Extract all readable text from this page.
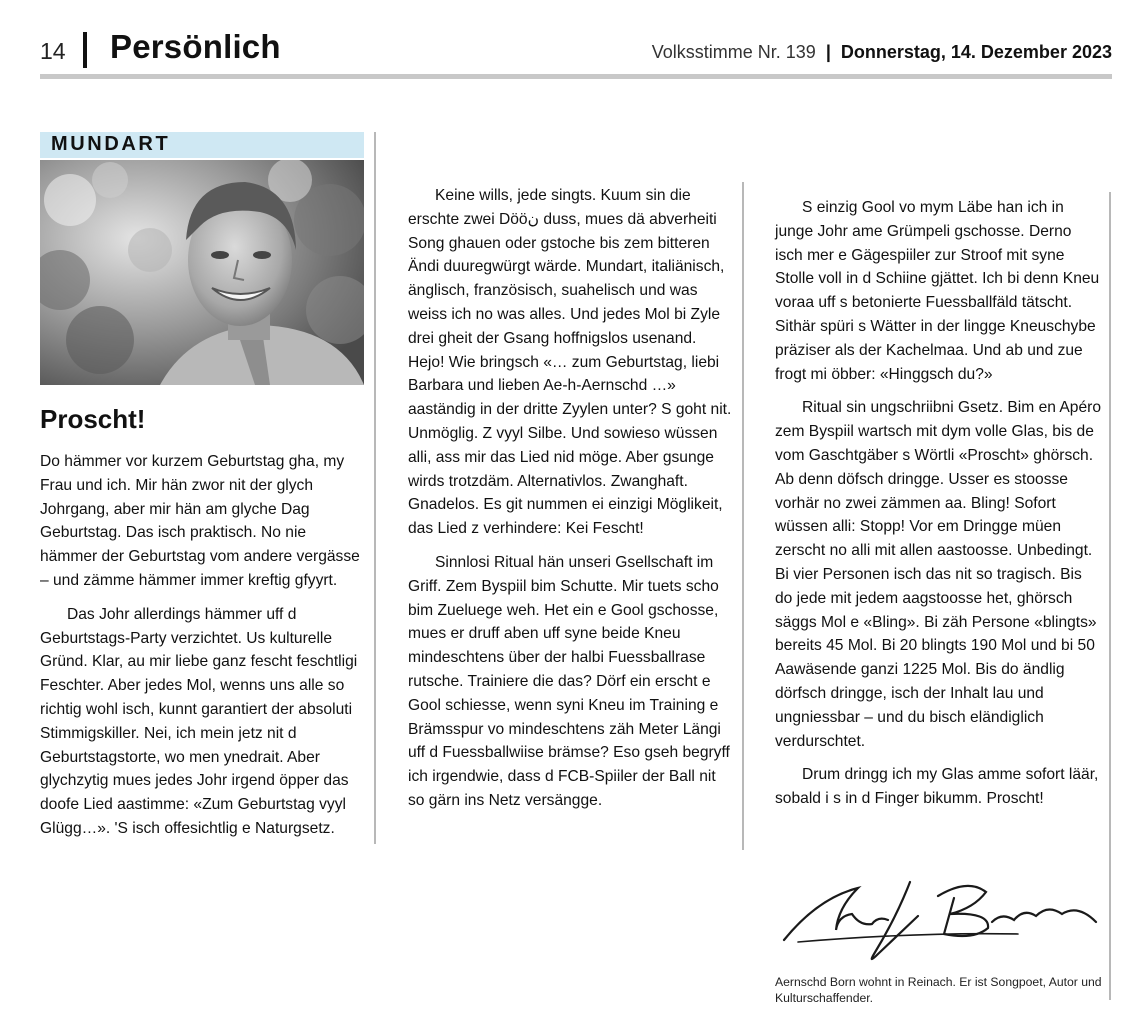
14 Persönlich	Volksstimme Nr. 139 | Donnerstag, 14. Dezember 2023
MUNDART
Proscht!

Do hämmer vor kurzem Geburtstag gha, my Frau und ich. Mir hän zwor nit der glych Johrgang, aber mir hän am glyche Dag Geburtstag. Das isch praktisch. No nie hämmer der Geburtstag vom andere vergässe – und zämme hämmer immer kreftig gfyyrt.

Das Johr allerdings hämmer uff d Geburtstags-Party verzichtet. Us kulturelle Gründ. Klar, au mir liebe ganz fescht feschtligi Feschter. Aber jedes Mol, wenns uns alle so richtig wohl isch, kunnt garantiert der absoluti Stimmigskiller. Nei, ich mein jetz nit d Geburtstagstorte, wo men ynedrait. Aber glychzytig mues jedes Johr irgend öpper das doofe Lied aastimme: «Zum Geburtstag vyyl Glügg…». 'S isch offesichtlig e Naturgsetz.

Keine wills, jede singts. Kuum sin die erschte zwei Dööن duss, mues dä abverheiti Song ghauen oder gstoche bis zem bitteren Ändi duuregwürgt wärde. Mundart, italiänisch, änglisch, französisch, suahelisch und was weiss ich no was alles. Und jedes Mol bi Zyle drei gheit der Gsang hoffnigslos usenand. Hejo! Wie bringsch «… zum Geburtstag, liebi Barbara und lieben Ae-h-Aernschd …» aaständig in der dritte Zyylen unter? S goht nit. Unmöglig. Z vyyl Silbe. Und sowieso wüssen alli, ass mir das Lied nid möge. Aber gsunge wirds trotzdäm. Alternativlos. Zwanghaft. Gnadelos. Es git nummen ei einzigi Möglikeit, das Lied z verhindere: Kei Fescht!

Sinnlosi Ritual hän unseri Gsellschaft im Griff. Zem Byspiil bim Schutte. Mir tuets scho bim Zueluege weh. Het ein e Gool gschosse, mues er druff aben uff syne beide Kneu mindeschtens über der halbi Fuessballrase rutsche. Trainiere die das? Dörf ein erscht e Gool schiesse, wenn syni Kneu im Training e Brämsspur vo mindeschtens zäh Meter Längi uff d Fuessballwiise brämse? Eso gseh begryff ich irgendwie, dass d FCB-Spiiler der Ball nit so gärn ins Netz versängge.

S einzig Gool vo mym Läbe han ich in junge Johr ame Grümpeli gschosse. Derno isch mer e Gägespiiler zur Stroof mit syne Stolle voll in d Schiine gjättet. Ich bi denn Kneu voraa uff s betonierte Fuessballfäld tätscht. Sithär spüri s Wätter in der lingge Kneuschybe präziser als der Kachelmaa. Und ab und zue frogt mi öbber: «Hinggsch du?»

Ritual sin ungschriibni Gsetz. Bim en Apéro zem Byspiil wartsch mit dym volle Glas, bis de vom Gaschtgäber s Wörtli «Proscht» ghörsch. Ab denn döfsch dringge. Usser es stoosse vorhär no zwei zämmen aa. Bling! Sofort wüssen alli: Stopp! Vor em Dringge müen zerscht no alli mit allen aastoosse. Unbedingt. Bi vier Personen isch das nit so tragisch. Bis do jede mit jedem aagstoosse het, ghörsch säggs Mol e «Bling». Bi zäh Persone «blingts» bereits 45 Mol. Bi 20 blingts 190 Mol und bi 50 Aawäsende ganzi 1225 Mol. Bis do ändlig dörfsch dringge, isch der Inhalt lau und ungniessbar – und du bisch eländiglich verdurschtet.

Drum dringg ich my Glas amme sofort läär, sobald i s in d Finger bikumm. Proscht!

Aernschd Born wohnt in Reinach. Er ist Songpoet, Autor und Kulturschaffender.
